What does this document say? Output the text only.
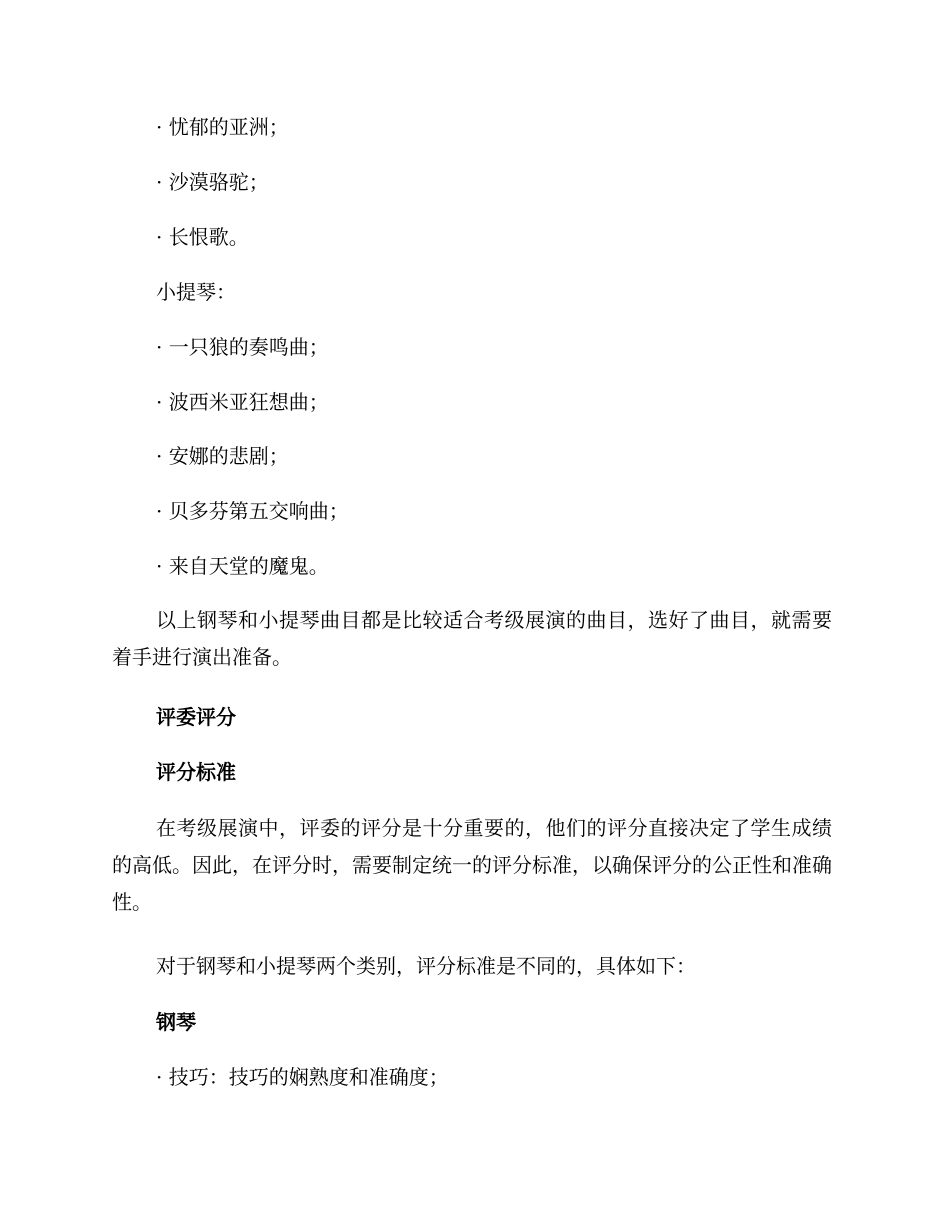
· 忧郁的亚洲；
· 沙漠骆驼；
· 长恨歌。
小提琴：
· 一只狼的奏鸣曲；
· 波西米亚狂想曲；
· 安娜的悲剧；
· 贝多芬第五交响曲；
· 来自天堂的魔鬼。
以上钢琴和小提琴曲目都是比较适合考级展演的曲目，选好了曲目，就需要着手进行演出准备。
评委评分
评分标准
在考级展演中，评委的评分是十分重要的，他们的评分直接决定了学生成绩的高低。因此，在评分时，需要制定统一的评分标准，以确保评分的公正性和准确性。
对于钢琴和小提琴两个类别，评分标准是不同的，具体如下：
钢琴
· 技巧：技巧的娴熟度和准确度；
